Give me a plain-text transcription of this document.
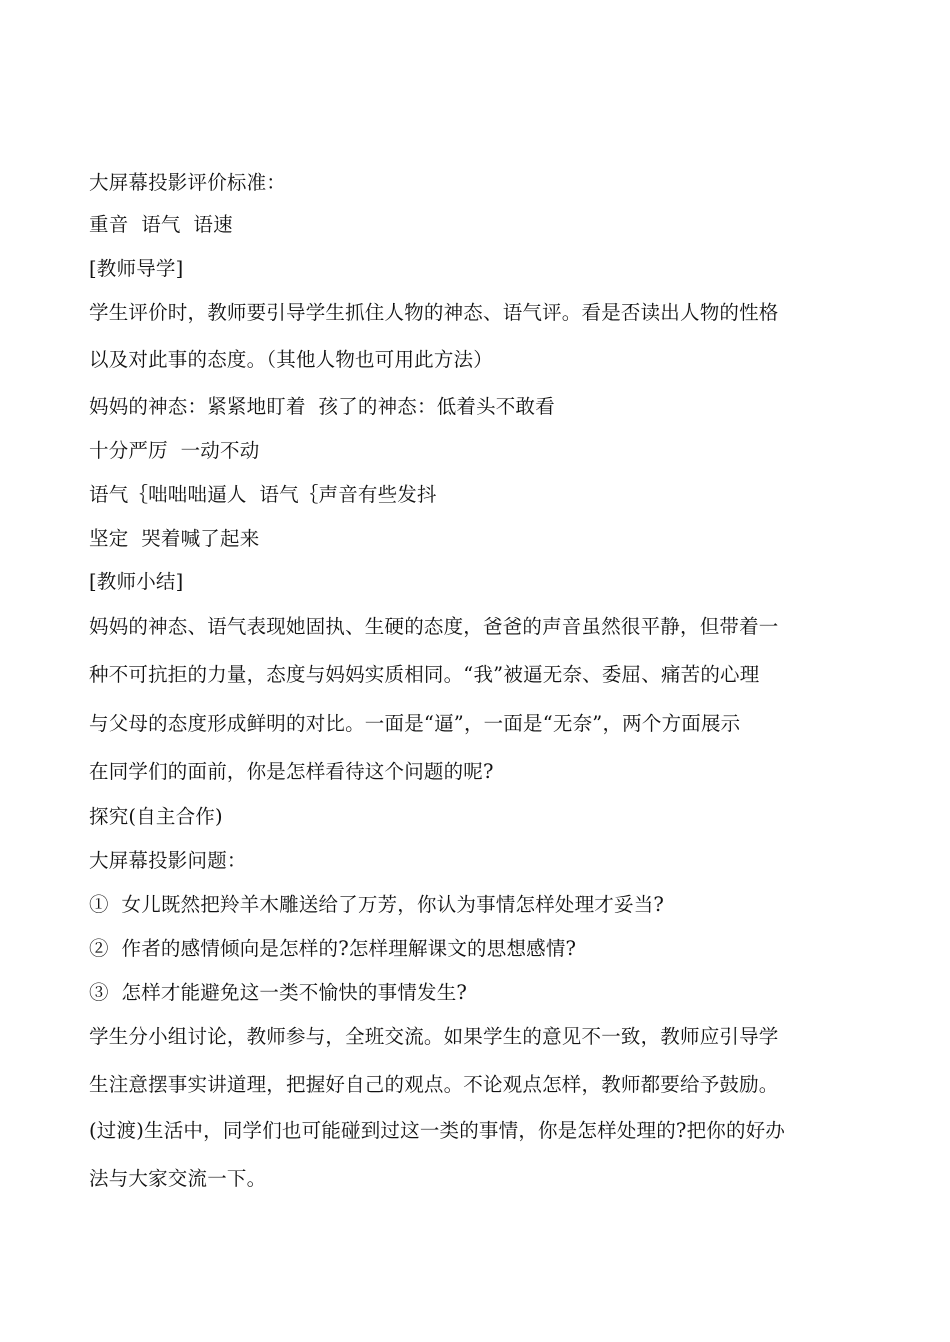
大屏幕投影评价标准：
重音  语气  语速
[教师导学]
学生评价时，教师要引导学生抓住人物的神态、语气评。看是否读出人物的性格
以及对此事的态度。（其他人物也可用此方法）
妈妈的神态：紧紧地盯着  孩了的神态：低着头不敢看
十分严厉  一动不动
语气｛咄咄咄逼人  语气｛声音有些发抖
坚定  哭着喊了起来
[教师小结]
妈妈的神态、语气表现她固执、生硬的态度，爸爸的声音虽然很平静，但带着一
种不可抗拒的力量，态度与妈妈实质相同。“我”被逼无奈、委屈、痛苦的心理
与父母的态度形成鲜明的对比。一面是“逼”，一面是“无奈”，两个方面展示
在同学们的面前，你是怎样看待这个问题的呢?
探究(自主合作)
大屏幕投影问题：
①  女儿既然把羚羊木雕送给了万芳，你认为事情怎样处理才妥当?
②  作者的感情倾向是怎样的?怎样理解课文的思想感情?
③  怎样才能避免这一类不愉快的事情发生?
学生分小组讨论，教师参与，全班交流。如果学生的意见不一致，教师应引导学
生注意摆事实讲道理，把握好自己的观点。不论观点怎样，教师都要给予鼓励。
(过渡)生活中，同学们也可能碰到过这一类的事情，你是怎样处理的?把你的好办
法与大家交流一下。
